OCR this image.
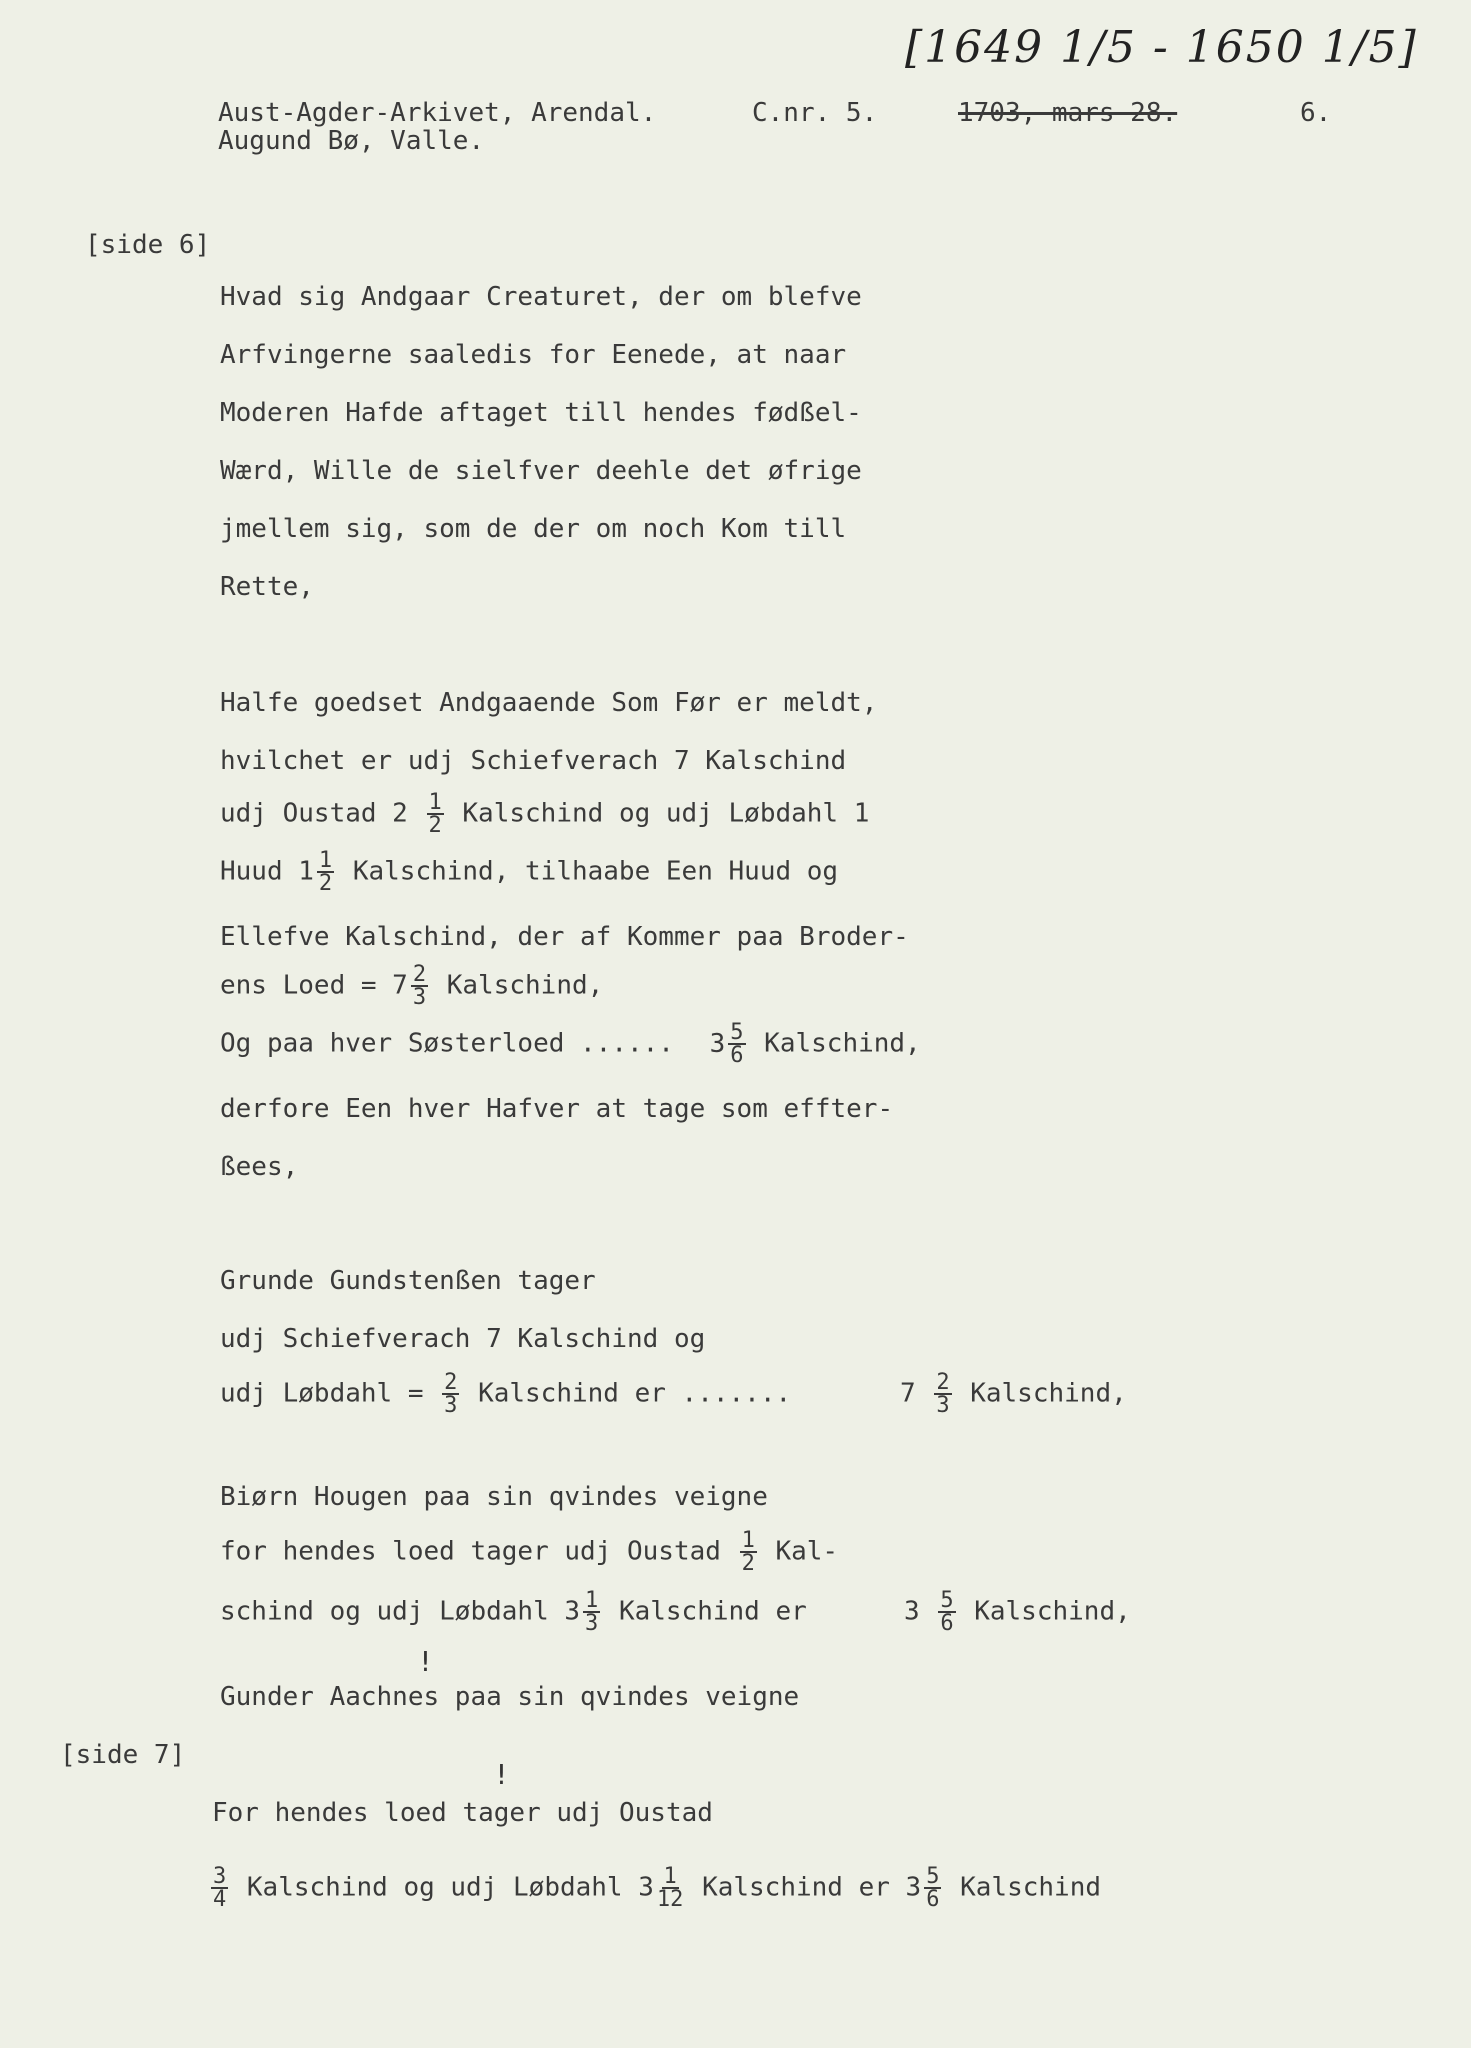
[1649 1/5 - 1650 1/5]
Aust-Agder-Arkivet, Arendal.	C.nr. 5.	1703, mars 28.	6.
Augund Bø, Valle.
[side 6]
Hvad sig Andgaar Creaturet, der om blefve
Arfvingerne saaledis for Eenede, at naar
Moderen Hafde aftaget till hendes fødßel-
Wærd, Wille de sielfver deehle det øfrige
jmellem sig, som de der om noch Kom till
Rette,
Halfe goedset Andgaaende Som Før er meldt,
hvilchet er udj Schiefverach 7 Kalschind
udj Oustad $2 \frac{1}{2}$ Kalschind og udj Løbdahl 1
Huud $1 \frac{1}{2}$ Kalschind, tilhaabe Een Huud og
Ellefve Kalschind, der af Kommer paa Broder-
ens Loed = $7 \frac{2}{3}$ Kalschind,
Og paa hver Søsterloed ...... $3 \frac{5}{6}$ Kalschind,
derfore Een hver Hafver at tage som effter-
ßees,
Grunde Gundstenßen tager
udj Schiefverach 7 Kalschind og
udj Løbdahl = $\frac{2}{3}$ Kalschind er .......	$7 \frac{2}{3}$ Kalschind,
Biørn Hougen paa sin qvindes veigne
for hendes loed tager udj Oustad $\frac{1}{2} Kal-$
schind og udj Løbdahl $3 \frac{1}{3}$ Kalschind er	$3 \frac{5}{6}$ Kalschind,
!
Gunder Aachnes paa sin qvindes veigne
[side 7]
!
For hendes loed tager udj Oustad
$\frac{3}{4}$ Kalschind og udj Løbdahl $3 \frac{1}{12}$ Kalschind er $3 \frac{5}{6}$ Kalschind
